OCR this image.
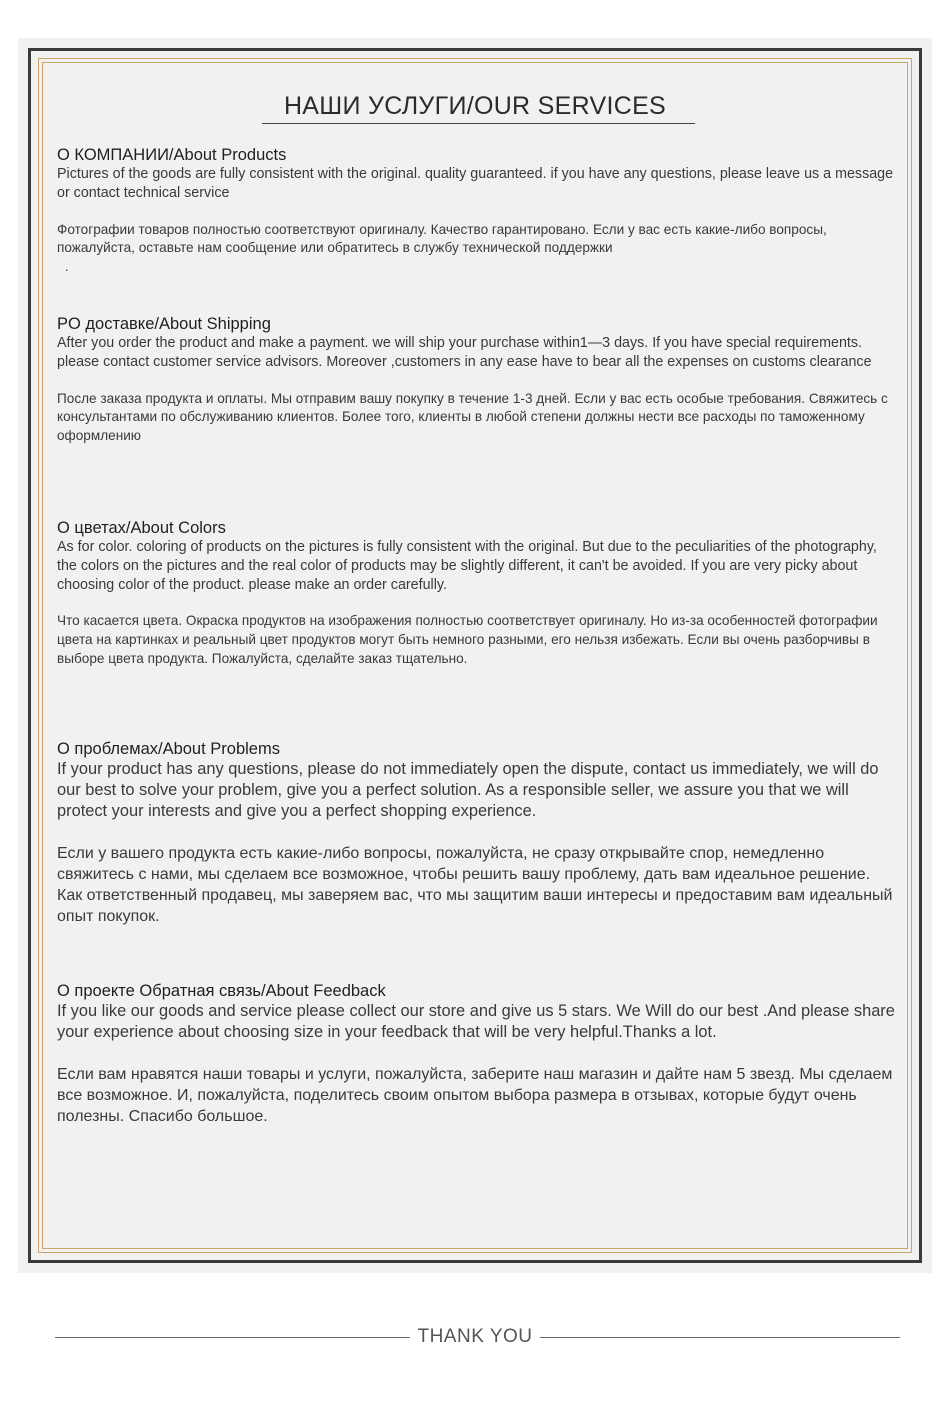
НАШИ УСЛУГИ/OUR SERVICES
О КОМПАНИИ/About Products

Pictures of the goods are fully consistent with the original. quality guaranteed. if you have any questions, please leave us a message or contact technical service

Фотографии товаров полностью соответствуют оригиналу. Качество гарантировано. Если у вас есть какие-либо вопросы, пожалуйста, оставьте нам сообщение или обратитесь в службу технической поддержки

.
PO доставке/About Shipping

After you order the product and make a payment. we will ship your purchase within1—3 days. If you have special requirements. please contact customer service advisors. Moreover ,customers in any ease have to bear all the expenses on customs clearance

После заказа продукта и оплаты. Мы отправим вашу покупку в течение 1-3 дней. Если у вас есть особые требования. Свяжитесь с консультантами по обслуживанию клиентов. Более того, клиенты в любой степени должны нести все расходы по таможенному оформлению

О цветах/About Colors

As for color. coloring of products on the pictures is fully consistent with the original. But due to the peculiarities of the photography, the colors on the pictures and the real color of products may be slightly different, it can't be avoided. If you are very picky about choosing color of the product. please make an order carefully.

Что касается цвета. Окраска продуктов на изображения полностью соответствует оригиналу. Но из-за особенностей фотографии цвета на картинках и реальный цвет продуктов могут быть немного разными, его нельзя избежать. Если вы очень разборчивы в выборе цвета продукта. Пожалуйста, сделайте заказ тщательно.

О проблемах/About Problems

If your product has any questions, please do not immediately open the dispute, contact us immediately, we will do our best to solve your problem, give you a perfect solution. As a responsible seller, we assure you that we will protect your interests and give you a perfect shopping experience.

Если у вашего продукта есть какие-либо вопросы, пожалуйста, не сразу открывайте спор, немедленно свяжитесь с нами, мы сделаем все возможное, чтобы решить вашу проблему, дать вам идеальное решение. Как ответственный продавец, мы заверяем вас, что мы защитим ваши интересы и предоставим вам идеальный опыт покупок.

О проекте Обратная связь/About Feedback

If you like our goods and service please collect our store and give us 5 stars. We Will do our best .And please share your experience about choosing size in your feedback that will be very helpful.Thanks a lot.

Если вам нравятся наши товары и услуги, пожалуйста, заберите наш магазин и дайте нам 5 звезд. Мы сделаем все возможное. И, пожалуйста, поделитесь своим опытом выбора размера в отзывах, которые будут очень полезны. Спасибо большое.

THANK YOU
